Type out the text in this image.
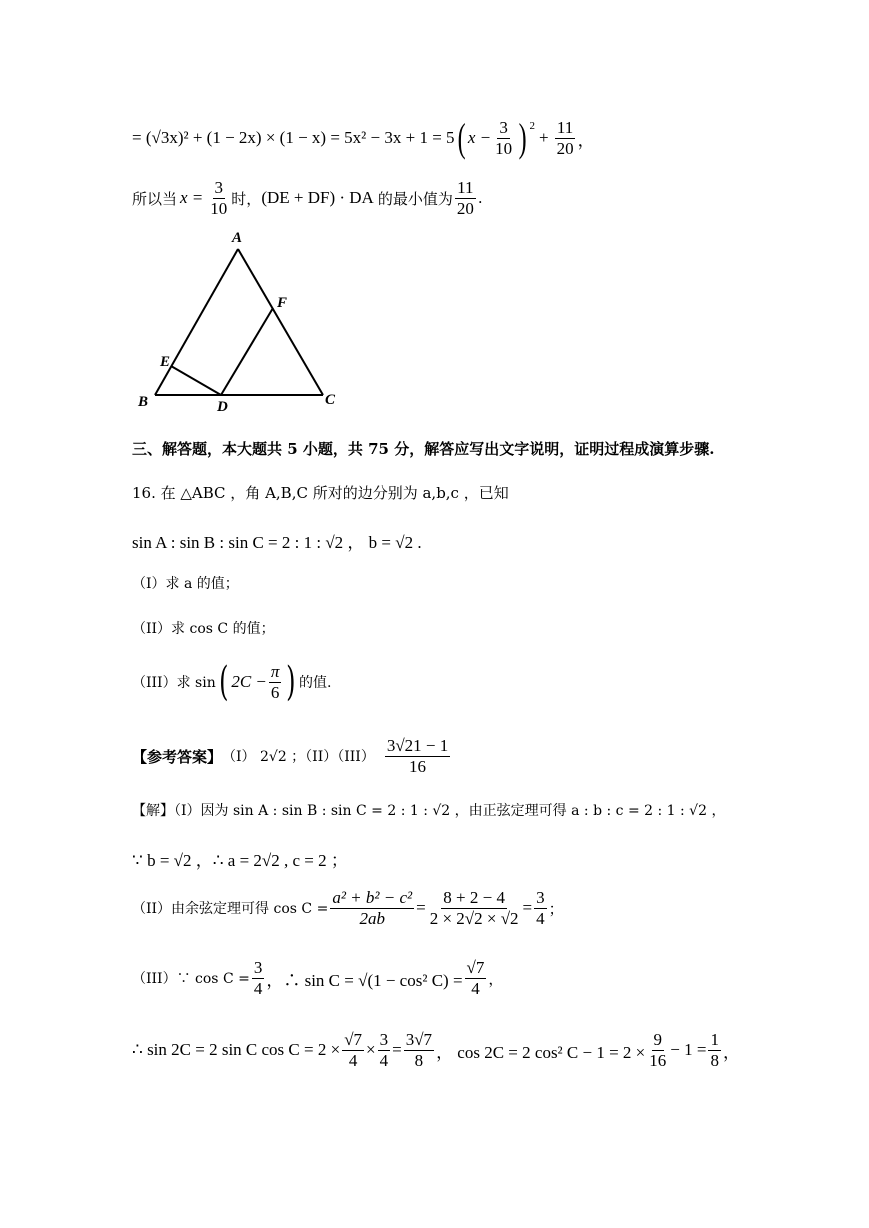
= (√3x)² + (1 − 2x) × (1 − x) = 5x² − 3x + 1 = 5 ( $x - \frac{3}{10} )^2$
+ $\frac{11}{20}$ ，
所以当 $x = \frac{3}{10}$ 时， (DE + DF) · DA 的最小值为 $\frac{11}{20}$ .
A
B	C
D
E
F
三、解答题，本大题共 5 小题，共 75 分，解答应写出文字说明，证明过程成演算步骤.
16. 在 △ABC ，角 A,B,C 所对的边分别为 a,b,c ，已知
sin A : sin B : sin C = 2 : 1 : √2 ， b = √2 .
（I）求 a 的值；
（II）求 cos C 的值；
（III）求 sin ( $2C - \frac{\pi}{6}$ ) 的值.
【参考答案】 （I） 2√2 ；$(II)(III) \frac{3√21 - 1}{16}$
【解】（I）因为 sin A : sin B : sin C = 2 : 1 : √2 ，由正弦定理可得 a : b : c = 2 : 1 : √2 ，
∵ b = √2 ，∴ a = 2√2 , c = 2 ；
（II）由余弦定理可得 $\cos C = \frac{\text{a² + b² − c²}}{2ab} = \frac{8 + 2 - 4}{2 \times 2√2 \times √2} = \frac{3}{4}$ ；
（III）∵ $\cos C = \frac{3}{4}$ ，∴ sin C = √(1 − cos² $C) = \frac{√7}{4}$ ，
∴ sin 2C = 2 sin C $\cos C = 2 \times \frac{√7}{4} \times \frac{3}{4} = \frac{3√7}{8}$ ， cos 2C = 2 cos² $C - 1 = 2 \times \frac{9}{16} - 1 = \frac{1}{8}$ ，
